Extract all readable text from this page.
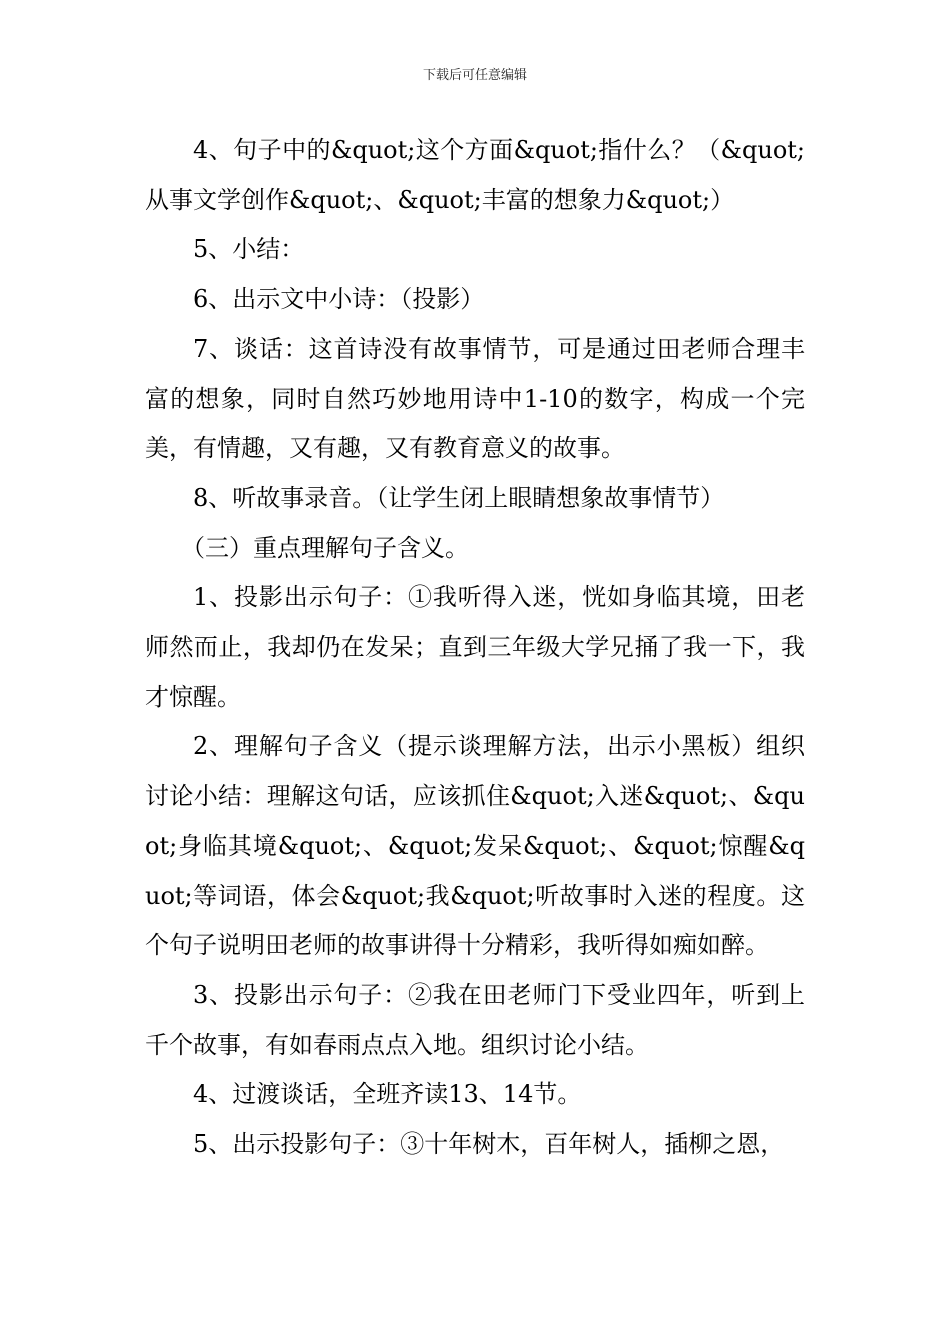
下载后可任意编辑

4、句子中的&quot;这个方面&quot;指什么？（&quot;从事文学创作&quot;、&quot;丰富的想象力&quot;）

5、小结：

6、出示文中小诗：（投影）

7、谈话：这首诗没有故事情节，可是通过田老师合理丰富的想象，同时自然巧妙地用诗中1-10的数字，构成一个完美，有情趣，又有趣，又有教育意义的故事。

8、听故事录音。（让学生闭上眼睛想象故事情节）

（三）重点理解句子含义。

1、投影出示句子：①我听得入迷，恍如身临其境，田老师然而止，我却仍在发呆；直到三年级大学兄捅了我一下，我才惊醒。

2、理解句子含义（提示谈理解方法，出示小黑板）组织讨论小结：理解这句话，应该抓住&quot;入迷&quot;、&quot;身临其境&quot;、&quot;发呆&quot;、&quot;惊醒&quot;等词语，体会&quot;我&quot;听故事时入迷的程度。这个句子说明田老师的故事讲得十分精彩，我听得如痴如醉。

3、投影出示句子：②我在田老师门下受业四年，听到上千个故事，有如春雨点点入地。组织讨论小结。

4、过渡谈话，全班齐读13、14节。

5、出示投影句子：③十年树木，百年树人，插柳之恩，
